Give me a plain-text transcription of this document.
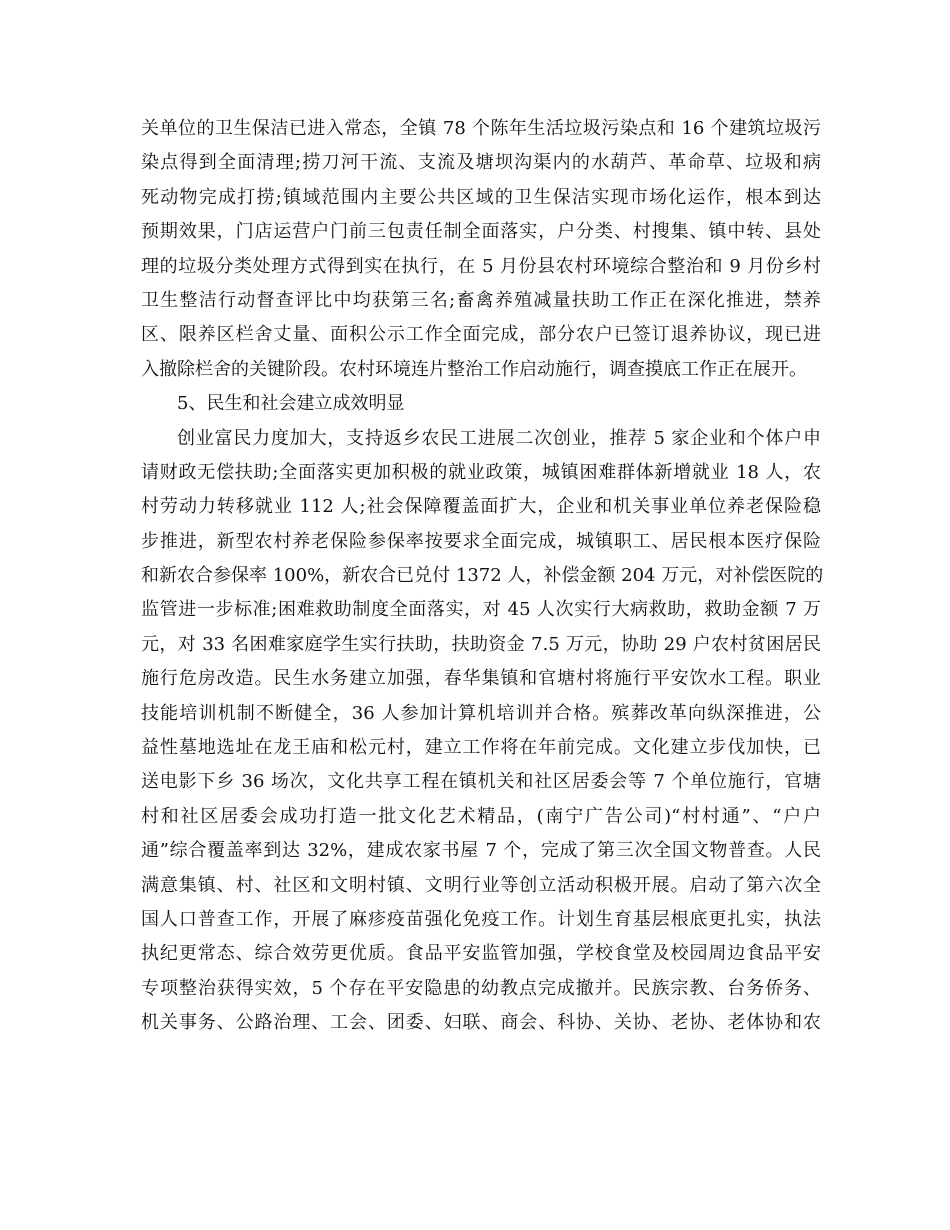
关单位的卫生保洁已进入常态，全镇 78 个陈年生活垃圾污染点和 16 个建筑垃圾污
染点得到全面清理;捞刀河干流、支流及塘坝沟渠内的水葫芦、革命草、垃圾和病
死动物完成打捞;镇域范围内主要公共区域的卫生保洁实现市场化运作，根本到达
预期效果，门店运营户门前三包责任制全面落实，户分类、村搜集、镇中转、县处
理的垃圾分类处理方式得到实在执行，在 5 月份县农村环境综合整治和 9 月份乡村
卫生整洁行动督查评比中均获第三名;畜禽养殖减量扶助工作正在深化推进，禁养
区、限养区栏舍丈量、面积公示工作全面完成，部分农户已签订退养协议，现已进
入撤除栏舍的关键阶段。农村环境连片整治工作启动施行，调查摸底工作正在展开。
5、民生和社会建立成效明显
创业富民力度加大，支持返乡农民工进展二次创业，推荐 5 家企业和个体户申
请财政无偿扶助;全面落实更加积极的就业政策，城镇困难群体新增就业 18 人，农
村劳动力转移就业 112 人;社会保障覆盖面扩大，企业和机关事业单位养老保险稳
步推进，新型农村养老保险参保率按要求全面完成，城镇职工、居民根本医疗保险
和新农合参保率 100%，新农合已兑付 1372 人，补偿金额 204 万元，对补偿医院的
监管进一步标准;困难救助制度全面落实，对 45 人次实行大病救助，救助金额 7 万
元，对 33 名困难家庭学生实行扶助，扶助资金 7.5 万元，协助 29 户农村贫困居民
施行危房改造。民生水务建立加强，春华集镇和官塘村将施行平安饮水工程。职业
技能培训机制不断健全，36 人参加计算机培训并合格。殡葬改革向纵深推进，公
益性墓地选址在龙王庙和松元村，建立工作将在年前完成。文化建立步伐加快，已
送电影下乡 36 场次，文化共享工程在镇机关和社区居委会等 7 个单位施行，官塘
村和社区居委会成功打造一批文化艺术精品，(南宁广告公司)“村村通”、“户户
通”综合覆盖率到达 32%，建成农家书屋 7 个，完成了第三次全国文物普查。人民
满意集镇、村、社区和文明村镇、文明行业等创立活动积极开展。启动了第六次全
国人口普查工作，开展了麻疹疫苗强化免疫工作。计划生育基层根底更扎实，执法
执纪更常态、综合效劳更优质。食品平安监管加强，学校食堂及校园周边食品平安
专项整治获得实效，5 个存在平安隐患的幼教点完成撤并。民族宗教、台务侨务、
机关事务、公路治理、工会、团委、妇联、商会、科协、关协、老协、老体协和农
